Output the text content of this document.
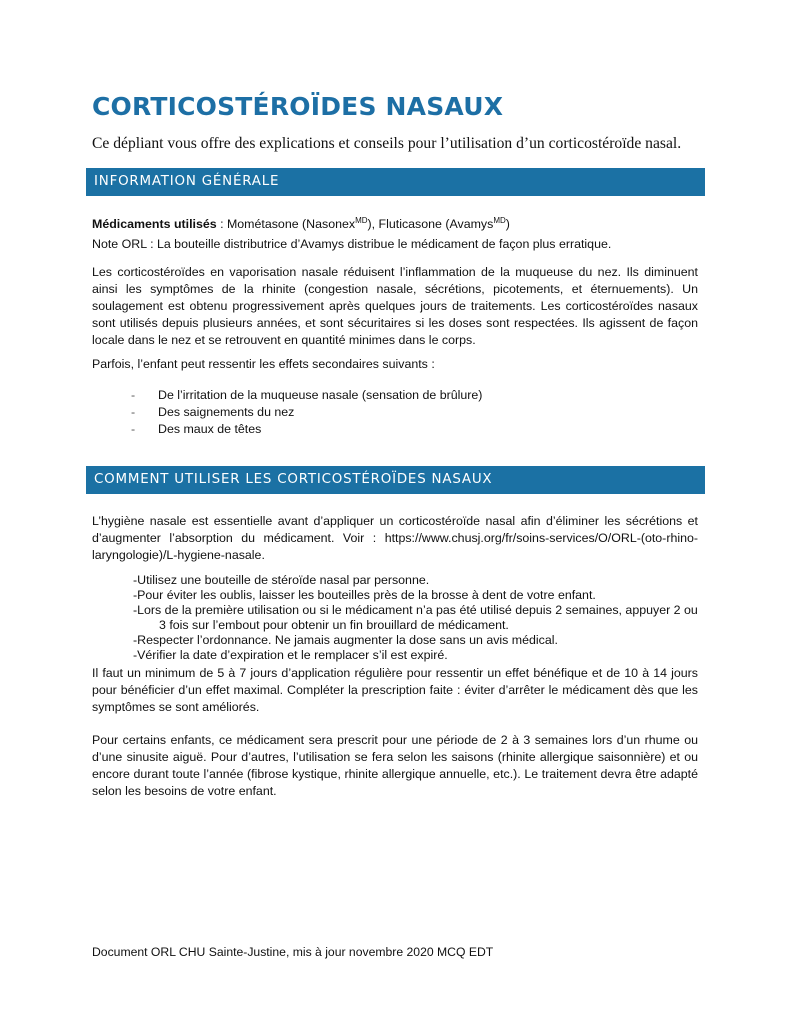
CORTICOSTÉROÏDES NASAUX
Ce dépliant vous offre des explications et conseils pour l’utilisation d’un corticostéroïde nasal.
INFORMATION GÉNÉRALE
Médicaments utilisés : Mométasone (Nasonex$^{MD}$), Fluticasone (Avamys$^{MD}$)
Note ORL : La bouteille distributrice d’Avamys distribue le médicament de façon plus erratique.
Les corticostéroïdes en vaporisation nasale réduisent l’inflammation de la muqueuse du nez. Ils diminuent ainsi les symptômes de la rhinite (congestion nasale, sécrétions, picotements, et éternuements). Un soulagement est obtenu progressivement après quelques jours de traitements. Les corticostéroïdes nasaux sont utilisés depuis plusieurs années, et sont sécuritaires si les doses sont respectées. Ils agissent de façon locale dans le nez et se retrouvent en quantité minimes dans le corps.
Parfois, l’enfant peut ressentir les effets secondaires suivants :
- De l’irritation de la muqueuse nasale (sensation de brûlure)
- Des saignements du nez
- Des maux de têtes
COMMENT UTILISER LES CORTICOSTÉROÏDES NASAUX
L’hygiène nasale est essentielle avant d’appliquer un corticostéroïde nasal afin d’éliminer les sécrétions et d’augmenter l’absorption du médicament. Voir : https://www.chusj.org/fr/soins-services/O/ORL-(oto-rhino-laryngologie)/L-hygiene-nasale.
-Utilisez une bouteille de stéroïde nasal par personne.
-Pour éviter les oublis, laisser les bouteilles près de la brosse à dent de votre enfant.
-Lors de la première utilisation ou si le médicament n’a pas été utilisé depuis 2 semaines, appuyer 2 ou 3 fois sur l’embout pour obtenir un fin brouillard de médicament.
-Respecter l’ordonnance. Ne jamais augmenter la dose sans un avis médical.
-Vérifier la date d’expiration et le remplacer s’il est expiré.
Il faut un minimum de 5 à 7 jours d’application régulière pour ressentir un effet bénéfique et de 10 à 14 jours pour bénéficier d’un effet maximal. Compléter la prescription faite : éviter d’arrêter le médicament dès que les symptômes se sont améliorés.
Pour certains enfants, ce médicament sera prescrit pour une période de 2 à 3 semaines lors d’un rhume ou d’une sinusite aiguë. Pour d’autres, l’utilisation se fera selon les saisons (rhinite allergique saisonnière) et ou encore durant toute l’année (fibrose kystique, rhinite allergique annuelle, etc.). Le traitement devra être adapté selon les besoins de votre enfant.
Document ORL CHU Sainte-Justine, mis à jour novembre 2020 MCQ EDT
